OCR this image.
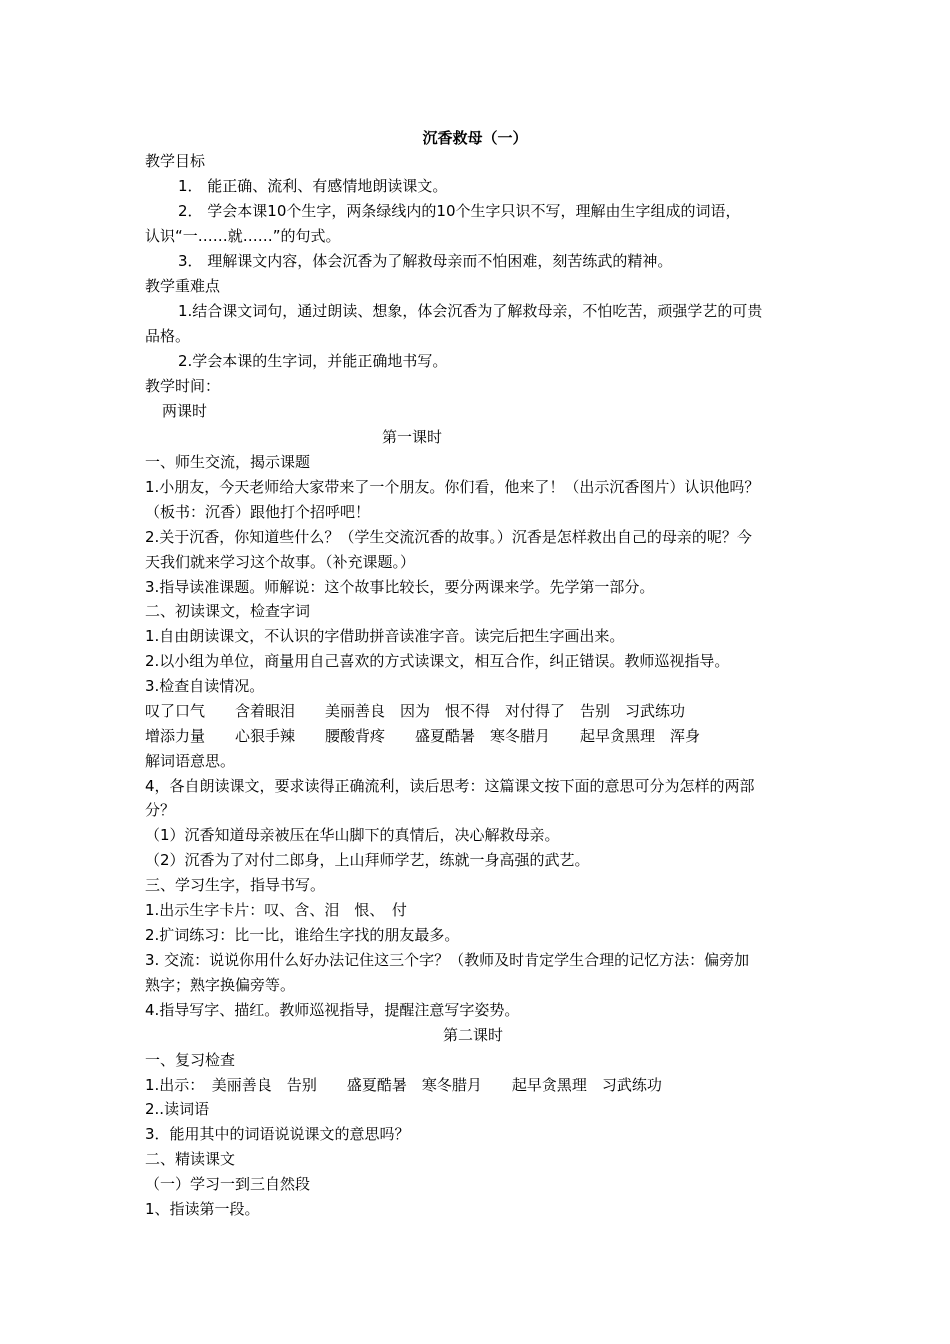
沉香救母（一）
教学目标
1． 能正确、流利、有感情地朗读课文。
2． 学会本课10个生字，两条绿线内的10个生字只识不写，理解由生字组成的词语，
认识“一……就……”的句式。
3． 理解课文内容，体会沉香为了解救母亲而不怕困难，刻苦练武的精神。
教学重难点
1.结合课文词句，通过朗读、想象，体会沉香为了解救母亲，不怕吃苦，顽强学艺的可贵
品格。
2.学会本课的生字词，并能正确地书写。
教学时间：
两课时
第一课时
一、师生交流，揭示课题
1.小朋友，今天老师给大家带来了一个朋友。你们看，他来了！（出示沉香图片）认识他吗？
（板书：沉香）跟他打个招呼吧！
2.关于沉香，你知道些什么？（学生交流沉香的故事。）沉香是怎样救出自己的母亲的呢？今
天我们就来学习这个故事。（补充课题。）
3.指导读准课题。师解说：这个故事比较长，要分两课来学。先学第一部分。
二、初读课文，检查字词
1.自由朗读课文，不认识的字借助拼音读准字音。读完后把生字画出来。
2.以小组为单位，商量用自己喜欢的方式读课文，相互合作，纠正错误。教师巡视指导。
3.检查自读情况。
叹了口气　　含着眼泪　　美丽善良　因为　恨不得　对付得了　告别　习武练功
增添力量　　心狠手辣　　腰酸背疼　　盛夏酷暑　寒冬腊月　　起早贪黑理　浑身
解词语意思。
4，各自朗读课文，要求读得正确流利，读后思考：这篇课文按下面的意思可分为怎样的两部
分？
（1）沉香知道母亲被压在华山脚下的真情后，决心解救母亲。
（2）沉香为了对付二郎身，上山拜师学艺，练就一身高强的武艺。
三、学习生字，指导书写。
1.出示生字卡片：叹、含、泪　恨、　付
2.扩词练习：比一比，谁给生字找的朋友最多。
3. 交流：说说你用什么好办法记住这三个字？（教师及时肯定学生合理的记忆方法：偏旁加
熟字；熟字换偏旁等。
4.指导写字、描红。教师巡视指导，提醒注意写字姿势。
第二课时
一、复习检查
1.出示：　美丽善良　告别　　盛夏酷暑　寒冬腊月　　起早贪黑理　习武练功
2..读词语
3．能用其中的词语说说课文的意思吗？
二、精读课文
（一）学习一到三自然段
1、指读第一段。
